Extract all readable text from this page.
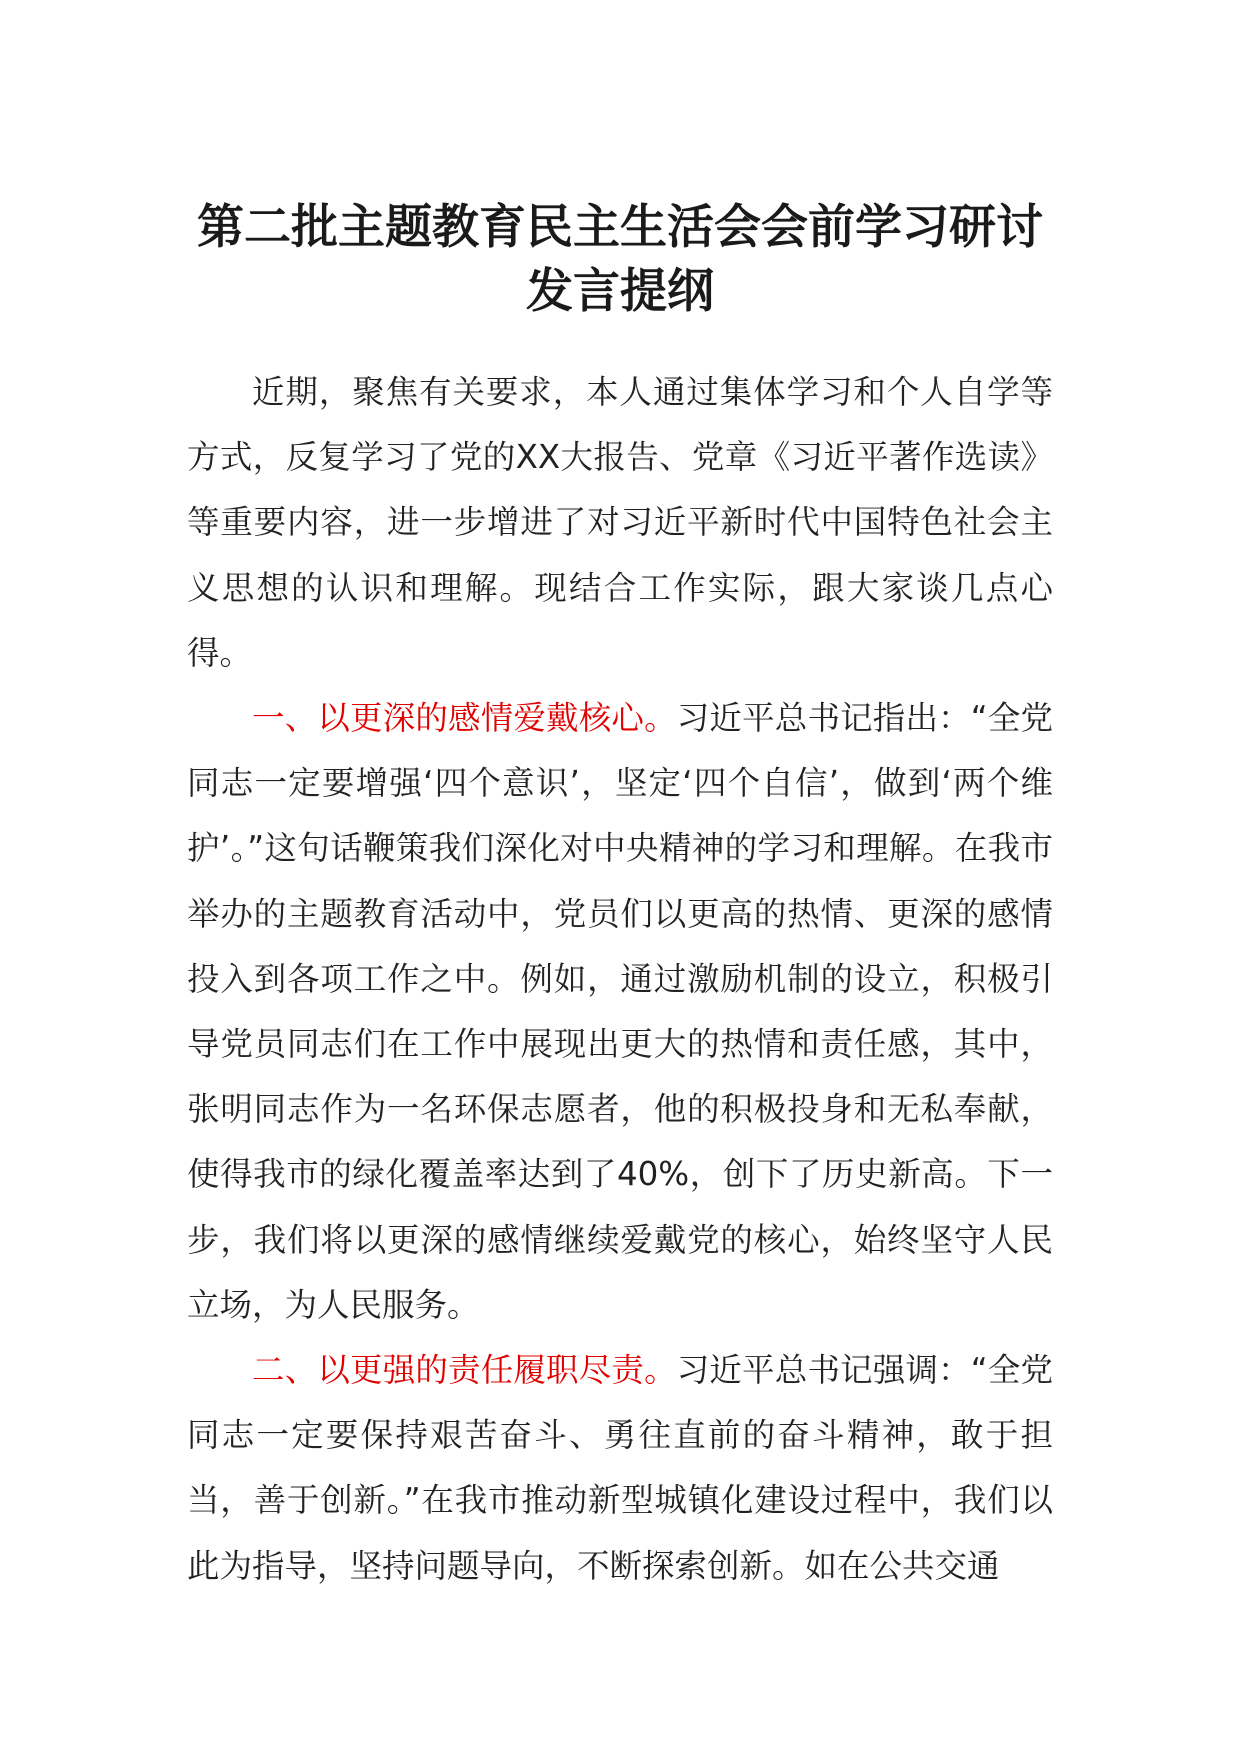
第二批主题教育民主生活会会前学习研讨发言提纲

近期，聚焦有关要求，本人通过集体学习和个人自学等方式，反复学习了党的XX大报告、党章《习近平著作选读》等重要内容，进一步增进了对习近平新时代中国特色社会主义思想的认识和理解。现结合工作实际，跟大家谈几点心得。

一、以更深的感情爱戴核心。习近平总书记指出：“全党同志一定要增强‘四个意识’，坚定‘四个自信’，做到‘两个维护’。”这句话鞭策我们深化对中央精神的学习和理解。在我市举办的主题教育活动中，党员们以更高的热情、更深的感情投入到各项工作之中。例如，通过激励机制的设立，积极引导党员同志们在工作中展现出更大的热情和责任感，其中，张明同志作为一名环保志愿者，他的积极投身和无私奉献，使得我市的绿化覆盖率达到了40%，创下了历史新高。下一步，我们将以更深的感情继续爱戴党的核心，始终坚守人民立场，为人民服务。

二、以更强的责任履职尽责。习近平总书记强调：“全党同志一定要保持艰苦奋斗、勇往直前的奋斗精神，敢于担当，善于创新。”在我市推动新型城镇化建设过程中，我们以此为指导，坚持问题导向，不断探索创新。如在公共交通
